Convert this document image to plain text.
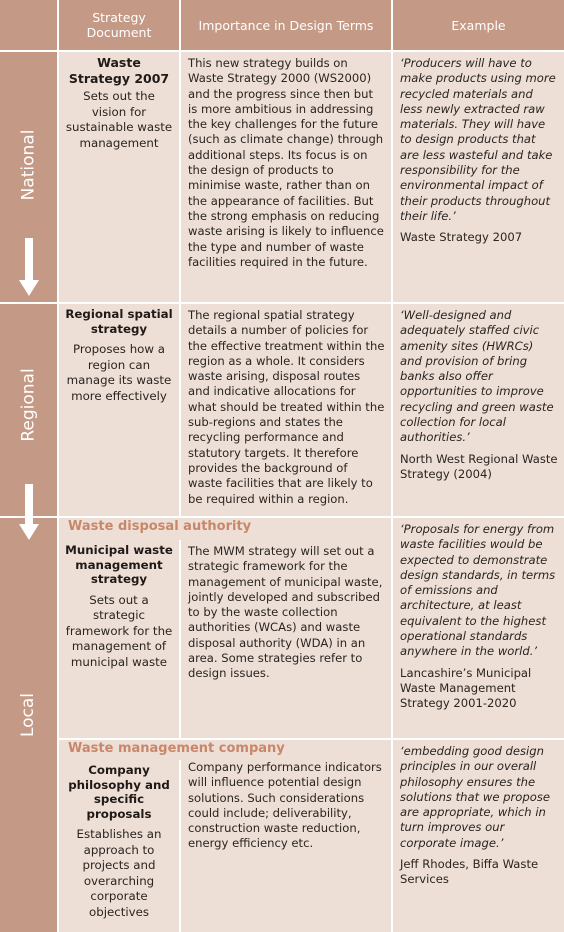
Strategy Document	Importance in Design Terms	Example
National
Regional
Local
Waste Strategy 2007
Sets out the vision for sustainable waste management
This new strategy builds on Waste Strategy 2000 (WS2000) and the progress since then but is more ambitious in addressing the key challenges for the future (such as climate change) through additional steps. Its focus is on the design of products to minimise waste, rather than on the appearance of facilities. But the strong emphasis on reducing waste arising is likely to influence the type and number of waste facilities required in the future.
‘Producers will have to make products using more recycled materials and less newly extracted raw materials. They will have to design products that are less wasteful and take responsibility for the environmental impact of their products throughout their life.’
Waste Strategy 2007
Regional spatial strategy
Proposes how a region can manage its waste more effectively
The regional spatial strategy details a number of policies for the effective treatment within the region as a whole. It considers waste arising, disposal routes and indicative allocations for what should be treated within the sub-regions and states the recycling performance and statutory targets. It therefore provides the background of waste facilities that are likely to be required within a region.
‘Well-designed and adequately staffed civic amenity sites (HWRCs) and provision of bring banks also offer opportunities to improve recycling and green waste collection for local authorities.’
North West Regional Waste Strategy (2004)
Waste disposal authority
Municipal waste management strategy
Sets out a strategic framework for the management of municipal waste
The MWM strategy will set out a strategic framework for the management of municipal waste, jointly developed and subscribed to by the waste collection authorities (WCAs) and waste disposal authority (WDA) in an area. Some strategies refer to design issues.
‘Proposals for energy from waste facilities would be expected to demonstrate design standards, in terms of emissions and architecture, at least equivalent to the highest operational standards anywhere in the world.’
Lancashire’s Municipal Waste Management Strategy 2001-2020
Waste management company
Company philosophy and specific proposals
Establishes an approach to projects and overarching corporate objectives
Company performance indicators will influence potential design solutions. Such considerations could include; deliverability, construction waste reduction, energy efficiency etc.
‘embedding good design principles in our overall philosophy ensures the solutions that we propose are appropriate, which in turn improves our corporate image.’
Jeff Rhodes, Biffa Waste Services
